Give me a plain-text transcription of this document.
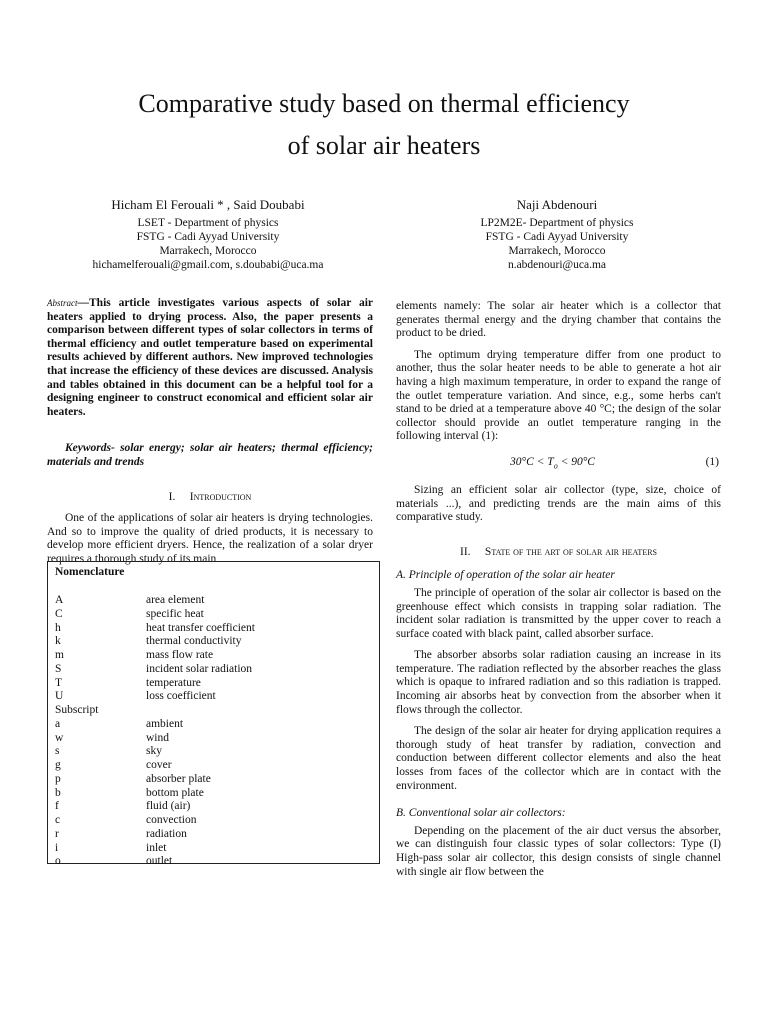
Comparative study based on thermal efficiency
of solar air heaters
Hicham El Ferouali * , Said Doubabi
LSET - Department of physics
FSTG - Cadi Ayyad University
Marrakech, Morocco
hichamelferouali@gmail.com, s.doubabi@uca.ma
Naji Abdenouri
LP2M2E- Department of physics
FSTG - Cadi Ayyad University
Marrakech, Morocco
n.abdenouri@uca.ma

Abstract—This article investigates various aspects of solar air heaters applied to drying process. Also, the paper presents a comparison between different types of solar collectors in terms of thermal efficiency and outlet temperature based on experimental results achieved by different authors. New improved technologies that increase the efficiency of these devices are discussed. Analysis and tables obtained in this document can be a helpful tool for a designing engineer to construct economical and efficient solar air heaters.

Keywords- solar energy; solar air heaters; thermal efficiency; materials and trends

I. Introduction

One of the applications of solar air heaters is drying technologies. And so to improve the quality of dried products, it is necessary to develop more efficient dryers. Hence, the realization of a solar dryer requires a thorough study of its main

Nomenclature
A	area element
C	specific heat
h	heat transfer coefficient
k	thermal conductivity
m	mass flow rate
S	incident solar radiation
T	temperature
U	loss coefficient
Subscript
a	ambient
w	wind
s	sky
g	cover
p	absorber plate
b	bottom plate
f	fluid (air)
c	convection
r	radiation
i	inlet
o	outlet

elements namely: The solar air heater which is a collector that generates thermal energy and the drying chamber that contains the product to be dried.

The optimum drying temperature differ from one product to another, thus the solar heater needs to be able to generate a hot air having a high maximum temperature, in order to expand the range of the outlet temperature variation. And since, e.g., some herbs can't stand to be dried at a temperature above 40 °C; the design of the solar collector should provide an outlet temperature ranging in the following interval (1):

$30^\circ C < T_o < 90^\circ C$	(1)

Sizing an efficient solar air collector (type, size, choice of materials ...), and predicting trends are the main aims of this comparative study.

II. State of the art of solar air heaters
A. Principle of operation of the solar air heater

The principle of operation of the solar air collector is based on the greenhouse effect which consists in trapping solar radiation. The incident solar radiation is transmitted by the upper cover to reach a surface coated with black paint, called absorber surface.

The absorber absorbs solar radiation causing an increase in its temperature. The radiation reflected by the absorber reaches the glass which is opaque to infrared radiation and so this radiation is trapped. Incoming air absorbs heat by convection from the absorber when it flows through the collector.

The design of the solar air heater for drying application requires a thorough study of heat transfer by radiation, convection and conduction between different collector elements and also the heat losses from faces of the collector which are in contact with the environment.

B. Conventional solar air collectors:

Depending on the placement of the air duct versus the absorber, we can distinguish four classic types of solar collectors: Type (I) High-pass solar air collector, this design consists of single channel with single air flow between the
